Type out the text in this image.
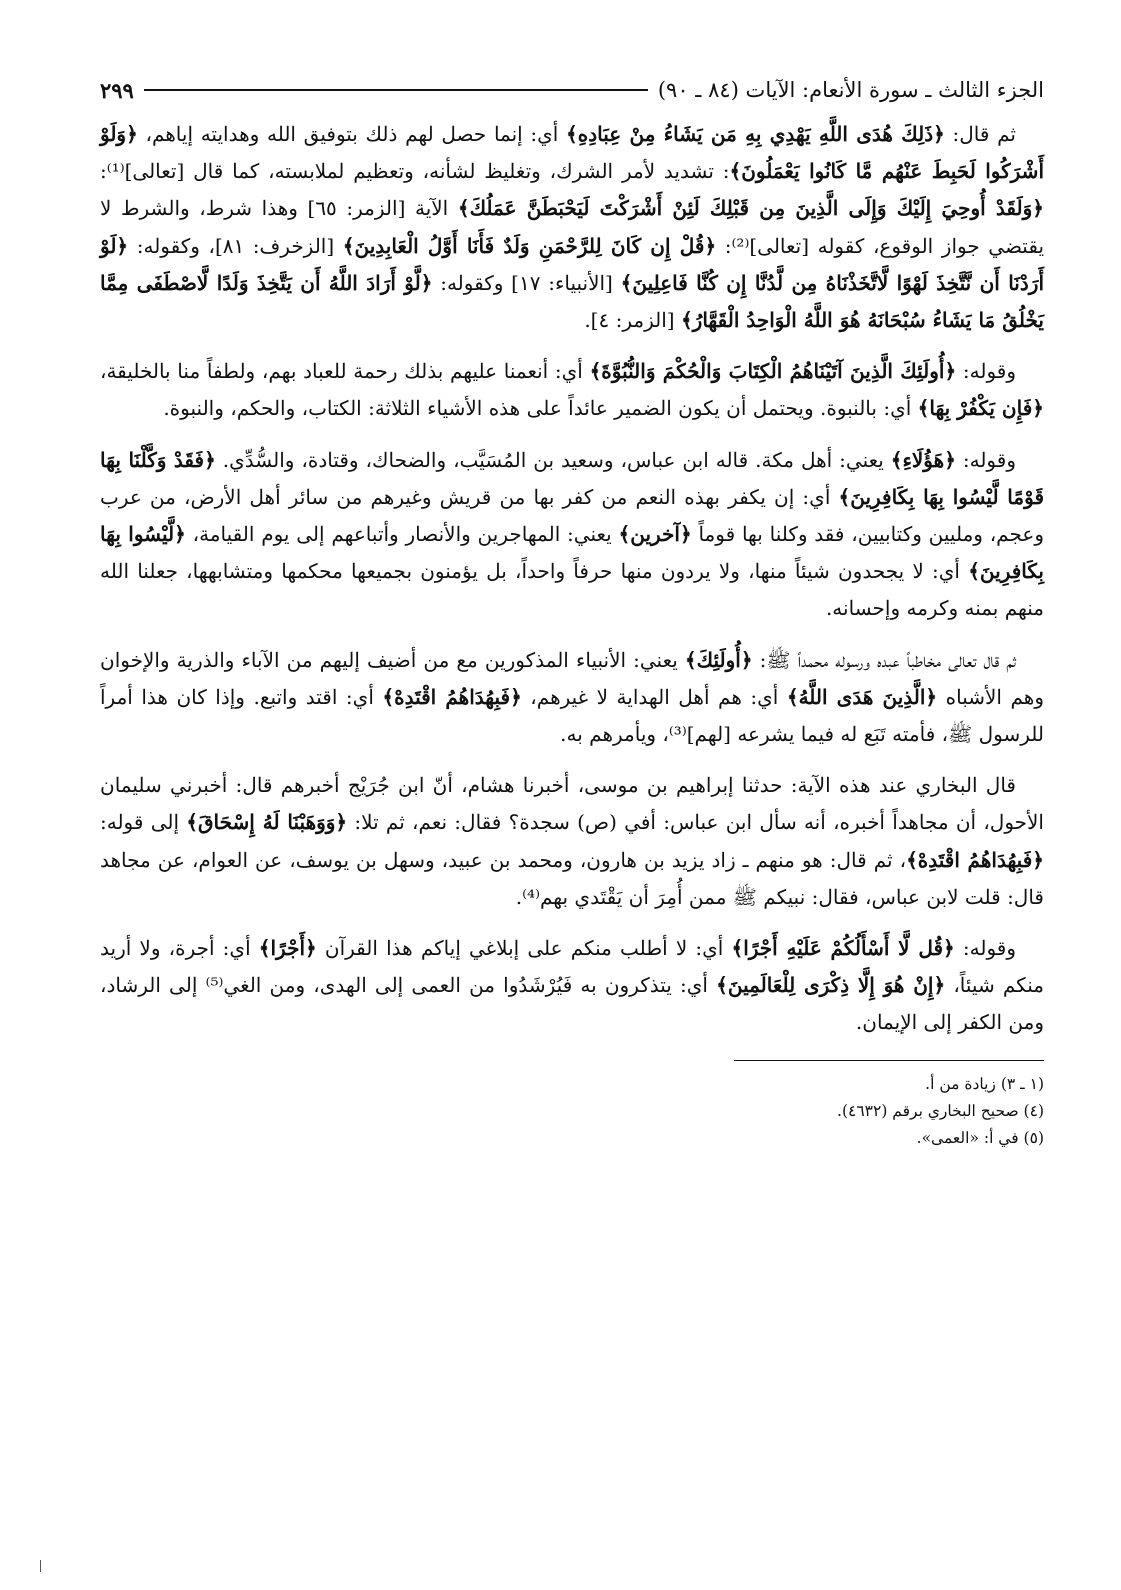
الجزء الثالث ـ سورة الأنعام: الآيات (٨٤ ـ ٩٠)
٢٩٩

ثم قال: ﴿ذَلِكَ هُدَى اللَّهِ يَهْدِي بِهِ مَن يَشَاءُ مِنْ عِبَادِهِ﴾ أي: إنما حصل لهم ذلك بتوفيق الله وهدايته إياهم، ﴿وَلَوْ أَشْرَكُوا لَحَبِطَ عَنْهُم مَّا كَانُوا يَعْمَلُونَ﴾: تشديد لأمر الشرك، وتغليظ لشأنه، وتعظيم لملابسته، كما قال [تعالى]⁽¹⁾: ﴿وَلَقَدْ أُوحِيَ إِلَيْكَ وَإِلَى الَّذِينَ مِن قَبْلِكَ لَئِنْ أَشْرَكْتَ لَيَحْبَطَنَّ عَمَلُكَ﴾ الآية [الزمر: ٦٥] وهذا شرط، والشرط لا يقتضي جواز الوقوع، كقوله [تعالى]⁽²⁾: ﴿قُلْ إِن كَانَ لِلرَّحْمَنِ وَلَدٌ فَأَنَا أَوَّلُ الْعَابِدِينَ﴾ [الزخرف: ٨١]، وكقوله: ﴿لَوْ أَرَدْنَا أَن نَّتَّخِذَ لَهْوًا لَّاتَّخَذْنَاهُ مِن لَّدُنَّا إِن كُنَّا فَاعِلِينَ﴾ [الأنبياء: ١٧] وكقوله: ﴿لَّوْ أَرَادَ اللَّهُ أَن يَتَّخِذَ وَلَدًا لَّاصْطَفَى مِمَّا يَخْلُقُ مَا يَشَاءُ سُبْحَانَهُ هُوَ اللَّهُ الْوَاحِدُ الْقَهَّارُ﴾ [الزمر: ٤].

وقوله: ﴿أُولَئِكَ الَّذِينَ آتَيْنَاهُمُ الْكِتَابَ وَالْحُكْمَ وَالنُّبُوَّةَ﴾ أي: أنعمنا عليهم بذلك رحمة للعباد بهم، ولطفاً منا بالخليقة، ﴿فَإِن يَكْفُرْ بِهَا﴾ أي: بالنبوة. ويحتمل أن يكون الضمير عائداً على هذه الأشياء الثلاثة: الكتاب، والحكم، والنبوة.

وقوله: ﴿هَؤُلَاءِ﴾ يعني: أهل مكة. قاله ابن عباس، وسعيد بن المُسَيَّب، والضحاك، وقتادة، والسُّدِّي. ﴿فَقَدْ وَكَّلْنَا بِهَا قَوْمًا لَّيْسُوا بِهَا بِكَافِرِينَ﴾ أي: إن يكفر بهذه النعم من كفر بها من قريش وغيرهم من سائر أهل الأرض، من عرب وعجم، ومليين وكتابيين، فقد وكلنا بها قوماً ﴿آخرين﴾ يعني: المهاجرين والأنصار وأتباعهم إلى يوم القيامة، ﴿لَّيْسُوا بِهَا بِكَافِرِينَ﴾ أي: لا يجحدون شيئاً منها، ولا يردون منها حرفاً واحداً، بل يؤمنون بجميعها محكمها ومتشابهها، جعلنا الله منهم بمنه وكرمه وإحسانه.

ثم قال تعالى مخاطباً عبده ورسوله محمداً ﷺ: ﴿أُولَئِكَ﴾ يعني: الأنبياء المذكورين مع من أضيف إليهم من الآباء والذرية والإخوان وهم الأشباه ﴿الَّذِينَ هَدَى اللَّهُ﴾ أي: هم أهل الهداية لا غيرهم، ﴿فَبِهُدَاهُمُ اقْتَدِهْ﴾ أي: اقتد واتبع. وإذا كان هذا أمراً للرسول ﷺ، فأمته تَبَع له فيما يشرعه [لهم]⁽³⁾، ويأمرهم به.

قال البخاري عند هذه الآية: حدثنا إبراهيم بن موسى، أخبرنا هشام، أنّ ابن جُرَيْج أخبرهم قال: أخبرني سليمان الأحول، أن مجاهداً أخبره، أنه سأل ابن عباس: أفي (ص) سجدة؟ فقال: نعم، ثم تلا: ﴿وَوَهَبْنَا لَهُ إِسْحَاقَ﴾ إلى قوله: ﴿فَبِهُدَاهُمُ اقْتَدِهْ﴾، ثم قال: هو منهم ـ زاد يزيد بن هارون، ومحمد بن عبيد، وسهل بن يوسف، عن العوام، عن مجاهد قال: قلت لابن عباس، فقال: نبيكم ﷺ ممن أُمِرَ أن يَقْتَدي بهم⁽⁴⁾.

وقوله: ﴿قُل لَّا أَسْأَلُكُمْ عَلَيْهِ أَجْرًا﴾ أي: لا أطلب منكم على إبلاغي إياكم هذا القرآن ﴿أَجْرًا﴾ أي: أجرة، ولا أريد منكم شيئاً، ﴿إِنْ هُوَ إِلَّا ذِكْرَى لِلْعَالَمِينَ﴾ أي: يتذكرون به فَيُرْشَدُوا من العمى إلى الهدى، ومن الغي⁽⁵⁾ إلى الرشاد، ومن الكفر إلى الإيمان.

(١ ـ ٣) زيادة من أ.

(٤) صحيح البخاري برقم (٤٦٣٢).

(٥) في أ: «العمى».
